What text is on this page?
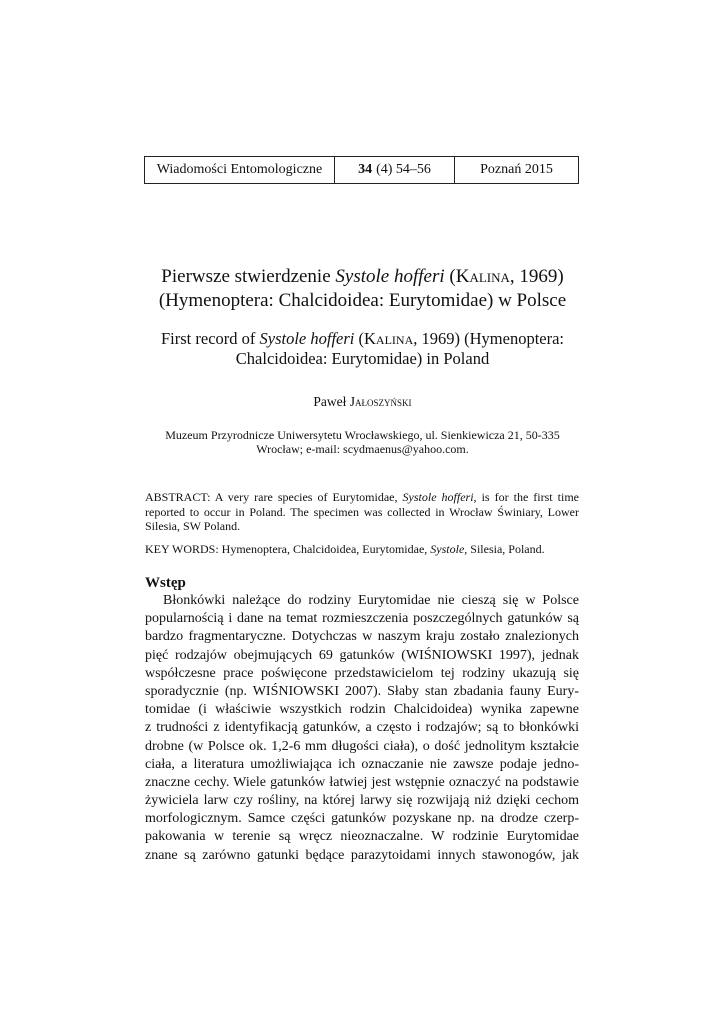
Wiadomości Entomologiczne	34 (4) 54–56	Poznań 2015
Pierwsze stwierdzenie Systole hofferi (Kalina, 1969)
(Hymenoptera: Chalcidoidea: Eurytomidae) w Polsce
First record of Systole hofferi (Kalina, 1969) (Hymenoptera:
Chalcidoidea: Eurytomidae) in Poland
Paweł Jałoszyński
Muzeum Przyrodnicze Uniwersytetu Wrocławskiego, ul. Sienkiewicza 21, 50-335
Wrocław; e-mail: scydmaenus@yahoo.com.
ABSTRACT: A very rare species of Eurytomidae, Systole hofferi, is for the first time reported to occur in Poland. The specimen was collected in Wrocław Świniary, Lower Silesia, SW Poland.
KEY WORDS: Hymenoptera, Chalcidoidea, Eurytomidae, Systole, Silesia, Poland.
Wstęp
Błonkówki należące do rodziny Eurytomidae nie cieszą się w Polsce
popularnością i dane na temat rozmieszczenia poszczególnych gatunków są
bardzo fragmentaryczne. Dotychczas w naszym kraju zostało znalezionych
pięć rodzajów obejmujących 69 gatunków (WIŚNIOWSKI 1997), jednak
współczesne prace poświęcone przedstawicielom tej rodziny ukazują się
sporadycznie (np. WIŚNIOWSKI 2007). Słaby stan zbadania fauny Eury-
tomidae (i właściwie wszystkich rodzin Chalcidoidea) wynika zapewne
z trudności z identyfikacją gatunków, a często i rodzajów; są to błonkówki
drobne (w Polsce ok. 1,2-6 mm długości ciała), o dość jednolitym kształcie
ciała, a literatura umożliwiająca ich oznaczanie nie zawsze podaje jedno-
znaczne cechy. Wiele gatunków łatwiej jest wstępnie oznaczyć na podstawie
żywiciela larw czy rośliny, na której larwy się rozwijają niż dzięki cechom
morfologicznym. Samce części gatunków pozyskane np. na drodze czerp-
pakowania w terenie są wręcz nieoznaczalne. W rodzinie Eurytomidae
znane są zarówno gatunki będące parazytoidami innych stawonogów, jak
